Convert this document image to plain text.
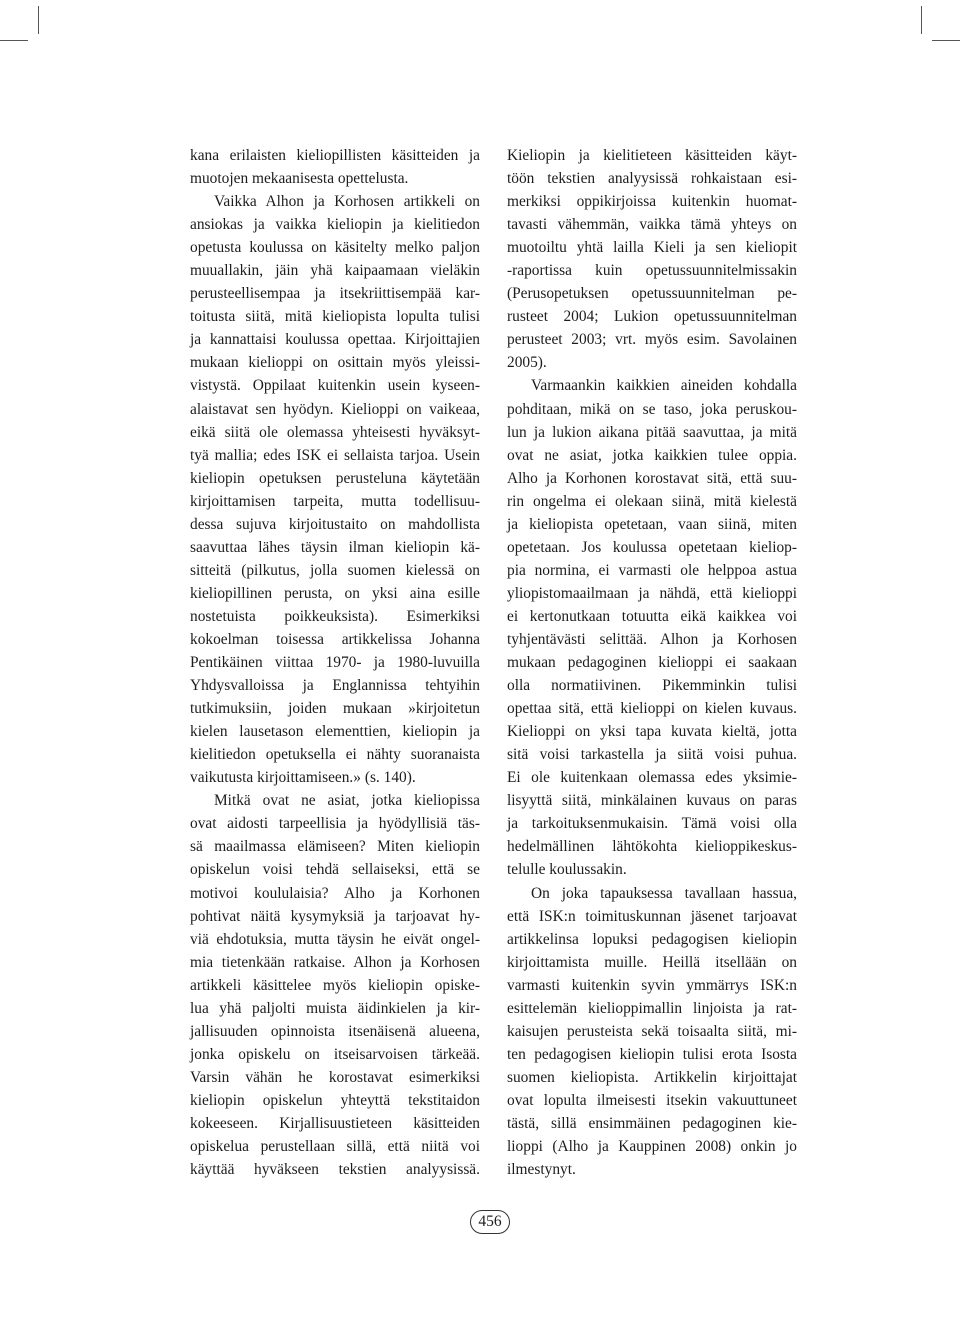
kana erilaisten kieliopillisten käsitteiden ja
muotojen mekaanisesta opettelusta.
Vaikka Alhon ja Korhosen artikkeli on
ansiokas ja vaikka kieliopin ja kielitiedon
opetusta koulussa on käsitelty melko paljon
muuallakin, jäin yhä kaipaamaan vieläkin
perusteellisempaa ja itsekriittisempää kar-
toitusta siitä, mitä kieliopista lopulta tulisi
ja kannattaisi koulussa opettaa. Kirjoittajien
mukaan kielioppi on osittain myös yleissi-
vistystä. Oppilaat kuitenkin usein kyseen-
alaistavat sen hyödyn. Kielioppi on vaikeaa,
eikä siitä ole olemassa yhteisesti hyväksyt-
tyä mallia; edes ISK ei sellaista tarjoa. Usein
kieliopin opetuksen perusteluna käytetään
kirjoittamisen tarpeita, mutta todellisuu-
dessa sujuva kirjoitustaito on mahdollista
saavuttaa lähes täysin ilman kieliopin kä-
sitteitä (pilkutus, jolla suomen kielessä on
kieliopillinen perusta, on yksi aina esille
nostetuista poikkeuksista). Esimerkiksi
kokoelman toisessa artikkelissa Johanna
Pentikäinen viittaa 1970- ja 1980-luvuilla
Yhdysvalloissa ja Englannissa tehtyihin
tutkimuksiin, joiden mukaan »kirjoitetun
kielen lausetason elementtien, kieliopin ja
kielitiedon opetuksella ei nähty suoranaista
vaikutusta kirjoittamiseen.» (s. 140).
Mitkä ovat ne asiat, jotka kieliopissa
ovat aidosti tarpeellisia ja hyödyllisiä täs-
sä maailmassa elämiseen? Miten kieliopin
opiskelun voisi tehdä sellaiseksi, että se
motivoi koululaisia? Alho ja Korhonen
pohtivat näitä kysymyksiä ja tarjoavat hy-
viä ehdotuksia, mutta täysin he eivät ongel-
mia tietenkään ratkaise. Alhon ja Korhosen
artikkeli käsittelee myös kieliopin opiske-
lua yhä paljolti muista äidinkielen ja kir-
jallisuuden opinnoista itsenäisenä alueena,
jonka opiskelu on itseisarvoisen tärkeää.
Varsin vähän he korostavat esimerkiksi
kieliopin opiskelun yhteyttä tekstitaidon
kokeeseen. Kirjallisuustieteen käsitteiden
opiskelua perustellaan sillä, että niitä voi
käyttää hyväkseen tekstien analyysissä.
Kieliopin ja kielitieteen käsitteiden käyt-
töön tekstien analyysissä rohkaistaan esi-
merkiksi oppikirjoissa kuitenkin huomat-
tavasti vähemmän, vaikka tämä yhteys on
muotoiltu yhtä lailla Kieli ja sen kieliopit
-raportissa kuin opetussuunnitelmissakin
(Perusopetuksen opetussuunnitelman pe-
rusteet 2004; Lukion opetussuunnitelman
perusteet 2003; vrt. myös esim. Savolainen
2005).
Varmaankin kaikkien aineiden kohdalla
pohditaan, mikä on se taso, joka peruskou-
lun ja lukion aikana pitää saavuttaa, ja mitä
ovat ne asiat, jotka kaikkien tulee oppia.
Alho ja Korhonen korostavat sitä, että suu-
rin ongelma ei olekaan siinä, mitä kielestä
ja kieliopista opetetaan, vaan siinä, miten
opetetaan. Jos koulussa opetetaan kieliop-
pia normina, ei varmasti ole helppoa astua
yliopistomaailmaan ja nähdä, että kielioppi
ei kertonutkaan totuutta eikä kaikkea voi
tyhjentävästi selittää. Alhon ja Korhosen
mukaan pedagoginen kielioppi ei saakaan
olla normatiivinen. Pikemminkin tulisi
opettaa sitä, että kielioppi on kielen kuvaus.
Kielioppi on yksi tapa kuvata kieltä, jotta
sitä voisi tarkastella ja siitä voisi puhua.
Ei ole kuitenkaan olemassa edes yksimie-
lisyyttä siitä, minkälainen kuvaus on paras
ja tarkoituksenmukaisin. Tämä voisi olla
hedelmällinen lähtökohta kielioppikeskus-
telulle koulussakin.
On joka tapauksessa tavallaan hassua,
että ISK:n toimituskunnan jäsenet tarjoavat
artikkelinsa lopuksi pedagogisen kieliopin
kirjoittamista muille. Heillä itsellään on
varmasti kuitenkin syvin ymmärrys ISK:n
esittelemän kielioppimallin linjoista ja rat-
kaisujen perusteista sekä toisaalta siitä, mi-
ten pedagogisen kieliopin tulisi erota Isosta
suomen kieliopista. Artikkelin kirjoittajat
ovat lopulta ilmeisesti itsekin vakuuttuneet
tästä, sillä ensimmäinen pedagoginen kie-
lioppi (Alho ja Kauppinen 2008) onkin jo
ilmestynyt.
456
